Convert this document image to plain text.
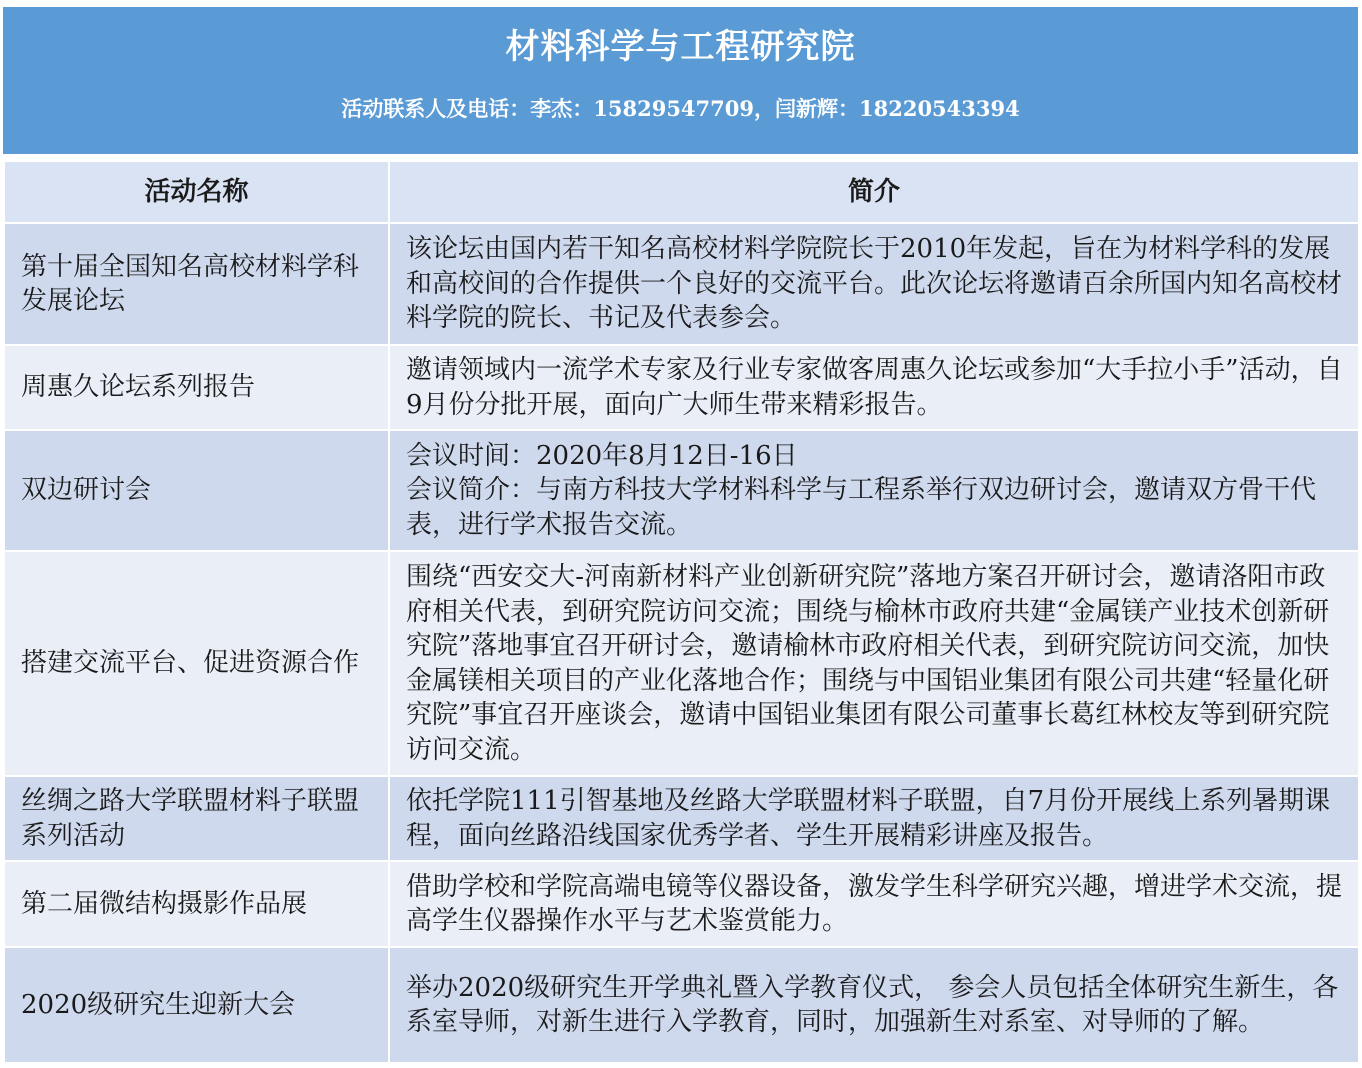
材料科学与工程研究院
活动联系人及电话：李杰：15829547709，闫新辉：18220543394
活动名称	简介
第十届全国知名高校材料学科发展论坛	该论坛由国内若干知名高校材料学院院长于2010年发起，旨在为材料学科的发展和高校间的合作提供一个良好的交流平台。此次论坛将邀请百余所国内知名高校材料学院的院长、书记及代表参会。
周惠久论坛系列报告	邀请领域内一流学术专家及行业专家做客周惠久论坛或参加“大手拉小手”活动，自9月份分批开展，面向广大师生带来精彩报告。
双边研讨会	会议时间：2020年8月12日-16日
会议简介：与南方科技大学材料科学与工程系举行双边研讨会，邀请双方骨干代表，进行学术报告交流。

搭建交流平台、促进资源合作	围绕“西安交大-河南新材料产业创新研究院”落地方案召开研讨会，邀请洛阳市政府相关代表，到研究院访问交流；围绕与榆林市政府共建“金属镁产业技术创新研究院”落地事宜召开研讨会，邀请榆林市政府相关代表，到研究院访问交流，加快金属镁相关项目的产业化落地合作；围绕与中国铝业集团有限公司共建“轻量化研究院”事宜召开座谈会，邀请中国铝业集团有限公司董事长葛红林校友等到研究院访问交流。
丝绸之路大学联盟材料子联盟系列活动	依托学院111引智基地及丝路大学联盟材料子联盟，自7月份开展线上系列暑期课程，面向丝路沿线国家优秀学者、学生开展精彩讲座及报告。
第二届微结构摄影作品展	借助学校和学院高端电镜等仪器设备，激发学生科学研究兴趣，增进学术交流，提高学生仪器操作水平与艺术鉴赏能力。
2020级研究生迎新大会	举办2020级研究生开学典礼暨入学教育仪式， 参会人员包括全体研究生新生，各系室导师，对新生进行入学教育，同时，加强新生对系室、对导师的了解。
